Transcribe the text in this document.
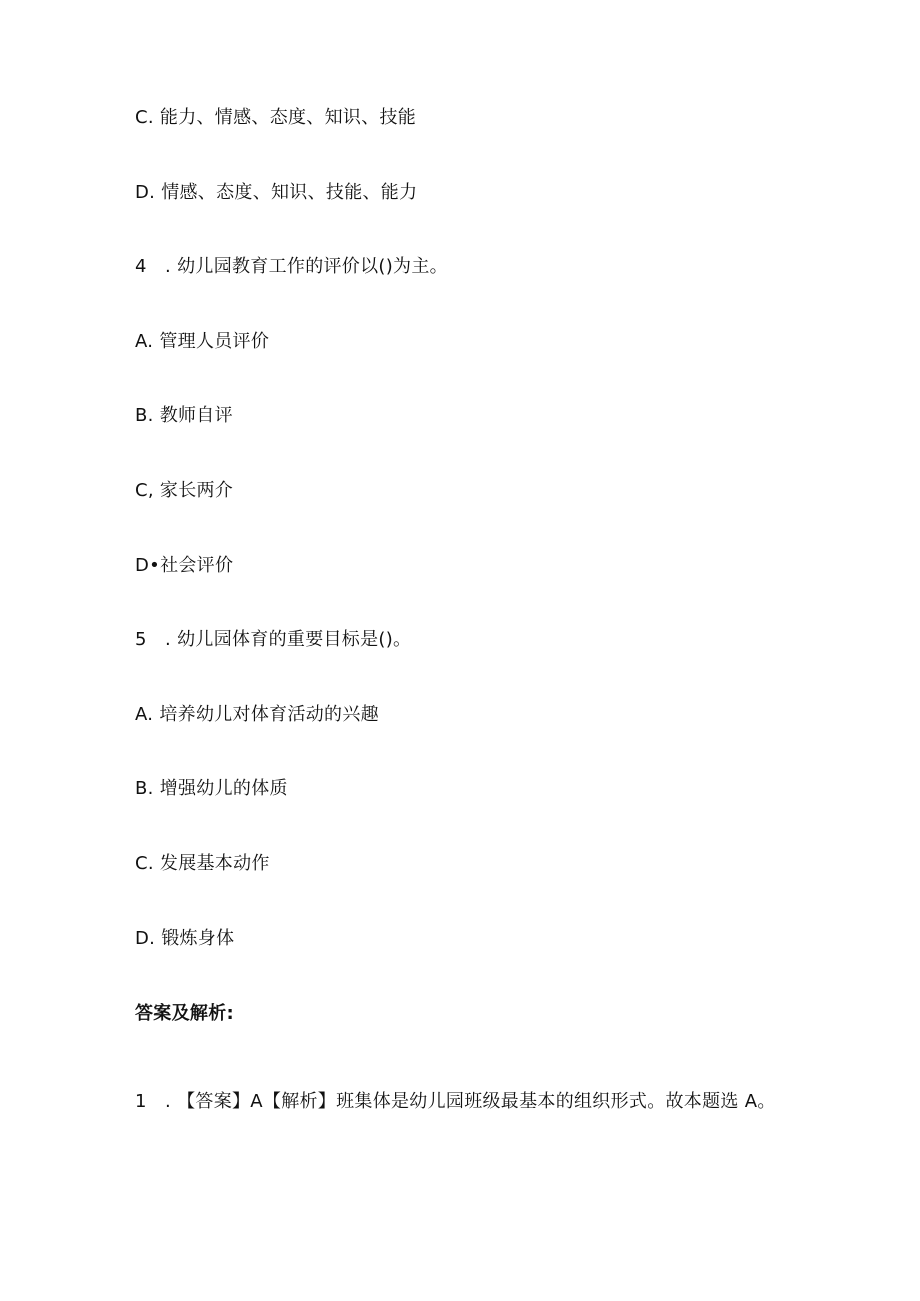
C. 能力、情感、态度、知识、技能
D. 情感、态度、知识、技能、能力
4　. 幼儿园教育工作的评价以()为主。
A. 管理人员评价
B. 教师自评
C, 家长两介
D•社会评价
5　. 幼儿园体育的重要目标是()。
A. 培养幼儿对体育活动的兴趣
B. 增强幼儿的体质
C. 发展基本动作
D. 锻炼身体
答案及解析:
1　. 【答案】A【解析】班集体是幼儿园班级最基本的组织形式。故本题选 A。
